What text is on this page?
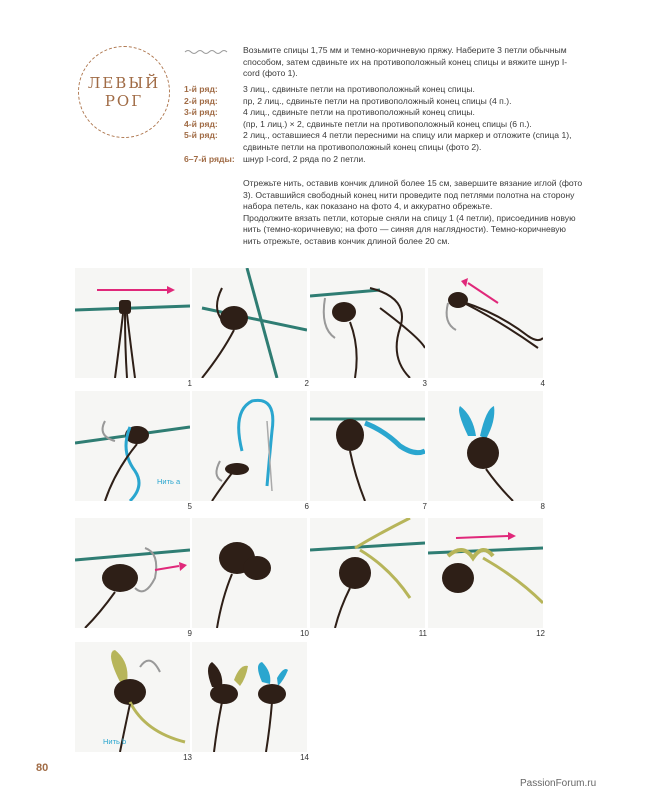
ЛЕВЫЙ
РОГ
Возьмите спицы 1,75 мм и темно-коричневую пряжу. Наберите 3 петли обычным способом, затем сдвиньте их на противоположный конец спицы и вяжите шнур I-cord (фото 1).
1-й ряд:	3 лиц., сдвиньте петли на противоположный конец спицы.
2-й ряд:	пр, 2 лиц., сдвиньте петли на противоположный конец спицы (4 п.).
3-й ряд:	4 лиц., сдвиньте петли на противоположный конец спицы.
4-й ряд:	(пр, 1 лиц.) × 2, сдвиньте петли на противоположный конец спицы (6 п.).
5-й ряд:	2 лиц., оставшиеся 4 петли пересними на спицу или маркер и отложите (спица 1), сдвиньте петли на противоположный конец спицы (фото 2).
6–7-й ряды: шнур I-cord, 2 ряда по 2 петли.
Отрежьте нить, оставив кончик длиной более 15 см, завершите вязание иглой (фото 3). Оставшийся свободный конец нити проведите под петлями полотна на сторону набора петель, как показано на фото 4, и аккуратно обрежьте.
Продолжите вязать петли, которые сняли на спицу 1 (4 петли), присоединив новую нить (темно-коричневую; на фото — синяя для наглядности). Темно-коричневую нить отрежьте, оставив кончик длиной более 20 см.
1	2	3	4
Нить a
5	6	7	8
9	10	11	12
Нить b
13	14
80
PassionForum.ru
